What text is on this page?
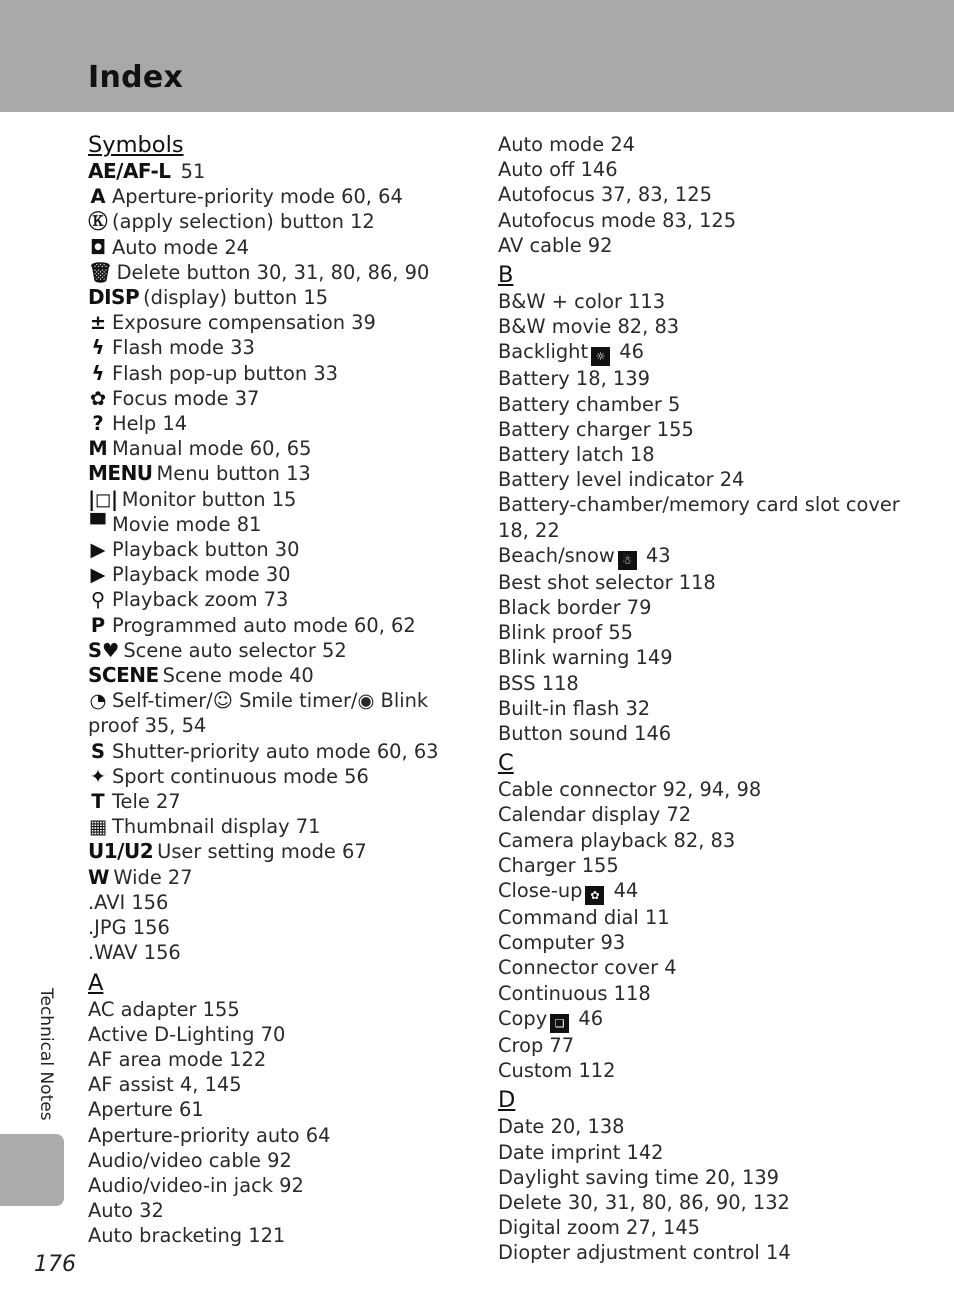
Index
Symbols
AE/AF-L 51
A Aperture-priority mode 60, 64
Ⓚ (apply selection) button 12
◘ Auto mode 24
🗑 Delete button 30, 31, 80, 86, 90
DISP (display) button 15
± Exposure compensation 39
ϟ Flash mode 33
ϟ Flash pop-up button 33
✿ Focus mode 37
? Help 14
M Manual mode 60, 65
MENU Menu button 13
|◻| Monitor button 15
▀ Movie mode 81
▶ Playback button 30
▶ Playback mode 30
⚲ Playback zoom 73
P Programmed auto mode 60, 62
S♥ Scene auto selector 52
SCENE Scene mode 40
◔ Self-timer/☺ Smile timer/◉ Blink proof 35, 54
S Shutter-priority auto mode 60, 63
✦ Sport continuous mode 56
T Tele 27
▦ Thumbnail display 71
U1/U2 User setting mode 67
W Wide 27
.AVI 156
.JPG 156
.WAV 156
A
AC adapter 155
Active D-Lighting 70
AF area mode 122
AF assist 4, 145
Aperture 61
Aperture-priority auto 64
Audio/video cable 92
Audio/video-in jack 92
Auto 32
Auto bracketing 121
Auto mode 24
Auto off 146
Autofocus 37, 83, 125
Autofocus mode 83, 125
AV cable 92
B
B&W + color 113
B&W movie 82, 83
Backlight ☼ 46
Battery 18, 139
Battery chamber 5
Battery charger 155
Battery latch 18
Battery level indicator 24
Battery-chamber/memory card slot cover 18, 22
Beach/snow ☃ 43
Best shot selector 118
Black border 79
Blink proof 55
Blink warning 149
BSS 118
Built-in flash 32
Button sound 146
C
Cable connector 92, 94, 98
Calendar display 72
Camera playback 82, 83
Charger 155
Close-up ✿ 44
Command dial 11
Computer 93
Connector cover 4
Continuous 118
Copy ❏ 46
Crop 77
Custom 112
D
Date 20, 138
Date imprint 142
Daylight saving time 20, 139
Delete 30, 31, 80, 86, 90, 132
Digital zoom 27, 145
Diopter adjustment control 14
Technical Notes
176
